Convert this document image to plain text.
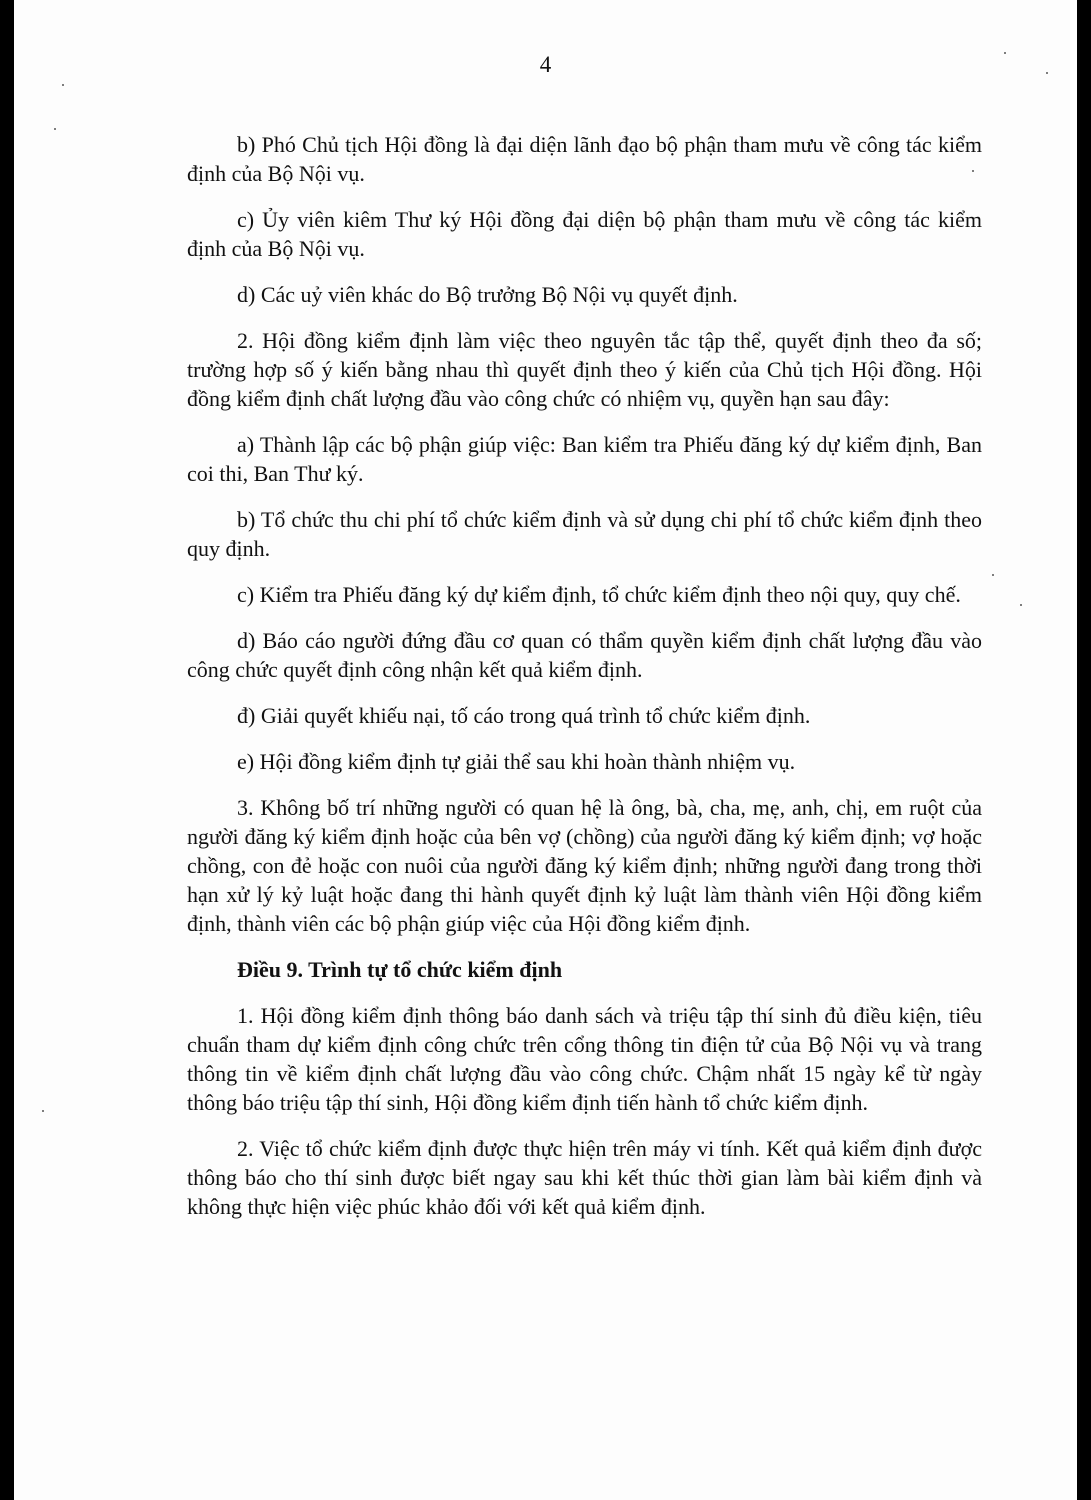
4

b) Phó Chủ tịch Hội đồng là đại diện lãnh đạo bộ phận tham mưu về công tác kiểm định của Bộ Nội vụ.

c) Ủy viên kiêm Thư ký Hội đồng đại diện bộ phận tham mưu về công tác kiểm định của Bộ Nội vụ.

d) Các uỷ viên khác do Bộ trưởng Bộ Nội vụ quyết định.

2. Hội đồng kiểm định làm việc theo nguyên tắc tập thể, quyết định theo đa số; trường hợp số ý kiến bằng nhau thì quyết định theo ý kiến của Chủ tịch Hội đồng. Hội đồng kiểm định chất lượng đầu vào công chức có nhiệm vụ, quyền hạn sau đây:

a) Thành lập các bộ phận giúp việc: Ban kiểm tra Phiếu đăng ký dự kiểm định, Ban coi thi, Ban Thư ký.

b) Tổ chức thu chi phí tổ chức kiểm định và sử dụng chi phí tổ chức kiểm định theo quy định.

c) Kiểm tra Phiếu đăng ký dự kiểm định, tổ chức kiểm định theo nội quy, quy chế.

d) Báo cáo người đứng đầu cơ quan có thẩm quyền kiểm định chất lượng đầu vào công chức quyết định công nhận kết quả kiểm định.

đ) Giải quyết khiếu nại, tố cáo trong quá trình tổ chức kiểm định.

e) Hội đồng kiểm định tự giải thể sau khi hoàn thành nhiệm vụ.

3. Không bố trí những người có quan hệ là ông, bà, cha, mẹ, anh, chị, em ruột của người đăng ký kiểm định hoặc của bên vợ (chồng) của người đăng ký kiểm định; vợ hoặc chồng, con đẻ hoặc con nuôi của người đăng ký kiểm định; những người đang trong thời hạn xử lý kỷ luật hoặc đang thi hành quyết định kỷ luật làm thành viên Hội đồng kiểm định, thành viên các bộ phận giúp việc của Hội đồng kiểm định.

Điều 9. Trình tự tổ chức kiểm định

1. Hội đồng kiểm định thông báo danh sách và triệu tập thí sinh đủ điều kiện, tiêu chuẩn tham dự kiểm định công chức trên cổng thông tin điện tử của Bộ Nội vụ và trang thông tin về kiểm định chất lượng đầu vào công chức. Chậm nhất 15 ngày kể từ ngày thông báo triệu tập thí sinh, Hội đồng kiểm định tiến hành tổ chức kiểm định.

2. Việc tổ chức kiểm định được thực hiện trên máy vi tính. Kết quả kiểm định được thông báo cho thí sinh được biết ngay sau khi kết thúc thời gian làm bài kiểm định và không thực hiện việc phúc khảo đối với kết quả kiểm định.
